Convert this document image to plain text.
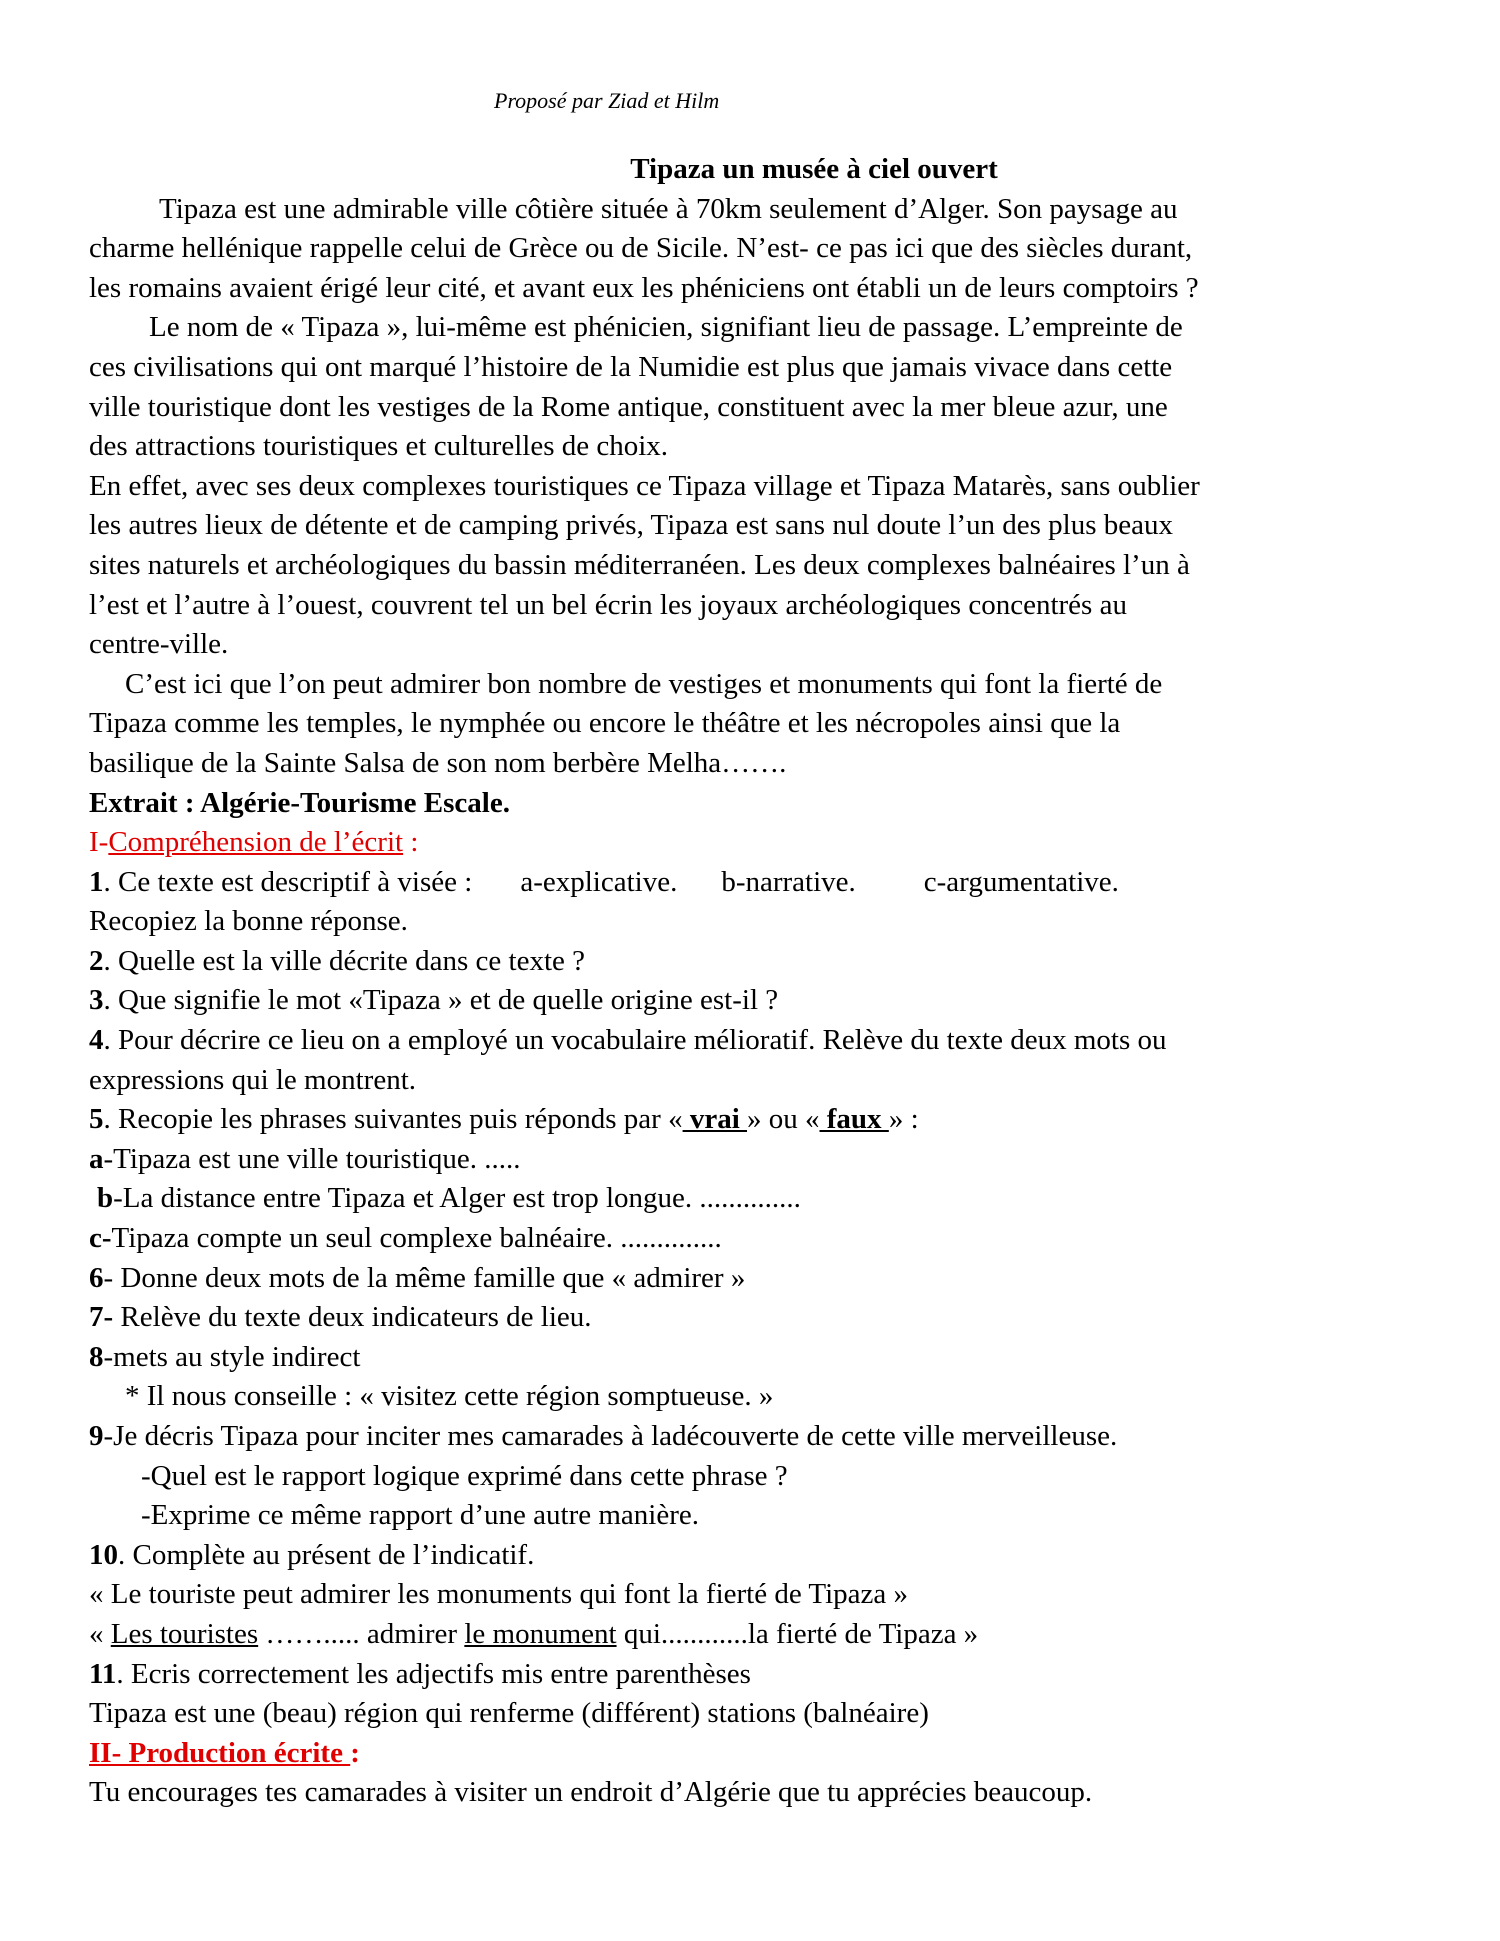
Proposé par Ziad et Hilm
Tipaza un musée à ciel ouvert
Tipaza est une admirable ville côtière située à 70km seulement d’Alger. Son paysage au
charme hellénique rappelle celui de Grèce ou de Sicile. N’est- ce pas ici que des siècles durant,
les romains avaient érigé leur cité, et avant eux les phéniciens ont établi un de leurs comptoirs ?
Le nom de « Tipaza », lui-même est phénicien, signifiant lieu de passage. L’empreinte de
ces civilisations qui ont marqué l’histoire de la Numidie est plus que jamais vivace dans cette
ville touristique dont les vestiges de la Rome antique, constituent avec la mer bleue azur, une
des attractions touristiques et culturelles de choix.
En effet, avec ses deux complexes touristiques ce Tipaza village et Tipaza Matarès, sans oublier
les autres lieux de détente et de camping privés, Tipaza est sans nul doute l’un des plus beaux
sites naturels et archéologiques du bassin méditerranéen. Les deux complexes balnéaires l’un à
l’est et l’autre à l’ouest, couvrent tel un bel écrin les joyaux archéologiques concentrés au
centre-ville.
C’est ici que l’on peut admirer bon nombre de vestiges et monuments qui font la fierté de
Tipaza comme les temples, le nymphée ou encore le théâtre et les nécropoles ainsi que la
basilique de la Sainte Salsa de son nom berbère Melha…….
Extrait : Algérie-Tourisme Escale.
I-Compréhension de l’écrit :
1. Ce texte est descriptif à visée : a-explicative. b-narrative. c-argumentative.
Recopiez la bonne réponse.
2. Quelle est la ville décrite dans ce texte ?
3. Que signifie le mot «Tipaza » et de quelle origine est-il ?
4. Pour décrire ce lieu on a employé un vocabulaire mélioratif. Relève du texte deux mots ou
expressions qui le montrent.
5. Recopie les phrases suivantes puis réponds par « vrai » ou « faux » :
a-Tipaza est une ville touristique. .....
b-La distance entre Tipaza et Alger est trop longue. ..............
c-Tipaza compte un seul complexe balnéaire. ..............
6- Donne deux mots de la même famille que « admirer »
7- Relève du texte deux indicateurs de lieu.
8-mets au style indirect
* Il nous conseille : « visitez cette région somptueuse. »
9-Je décris Tipaza pour inciter mes camarades à ladécouverte de cette ville merveilleuse.
-Quel est le rapport logique exprimé dans cette phrase ?
-Exprime ce même rapport d’une autre manière.
10. Complète au présent de l’indicatif.
« Le touriste peut admirer les monuments qui font la fierté de Tipaza »
« Les touristes ……..... admirer le monument qui............la fierté de Tipaza »
11. Ecris correctement les adjectifs mis entre parenthèses
Tipaza est une (beau) région qui renferme (différent) stations (balnéaire)
II- Production écrite :
Tu encourages tes camarades à visiter un endroit d’Algérie que tu apprécies beaucoup.
